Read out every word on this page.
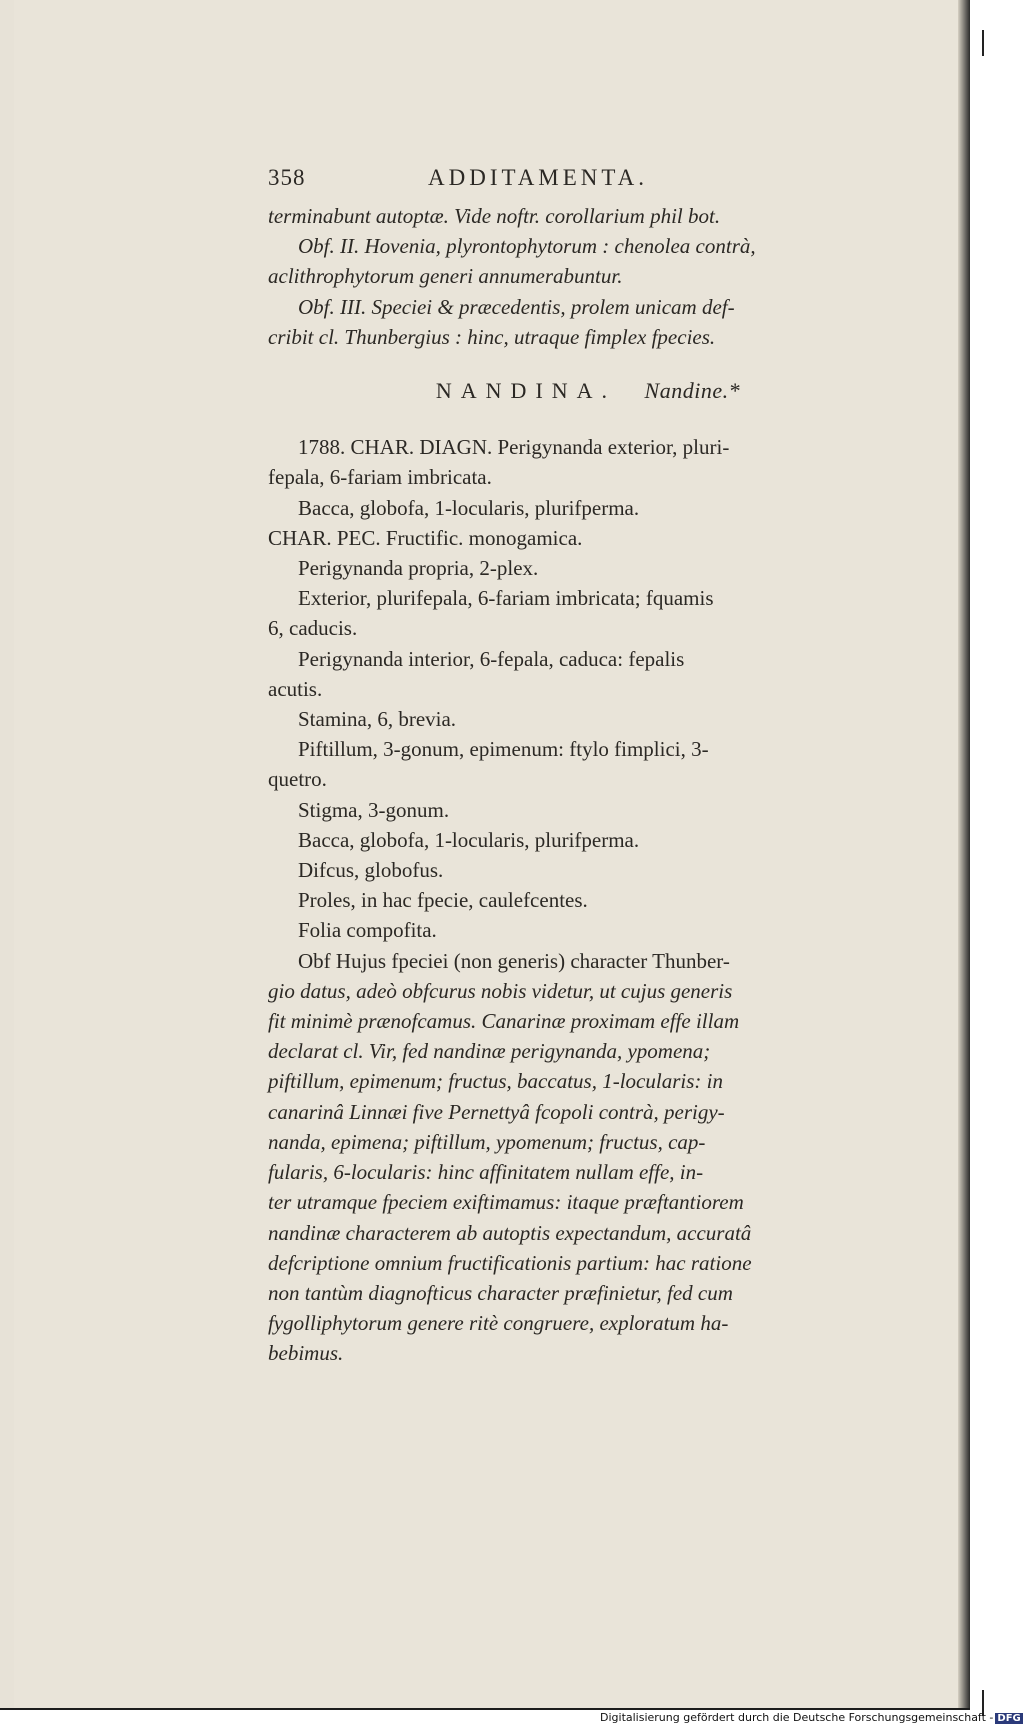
358	ADDITAMENTA.
terminabunt autoptæ. Vide noftr. corollarium phil bot.
Obf. II. Hovenia, plyrontophytorum : chenolea contrà,
aclithrophytorum generi annumerabuntur.
Obf. III. Speciei & præcedentis, prolem unicam def-
cribit cl. Thunbergius : hinc, utraque fimplex fpecies.
NANDINA. Nandine.*
1788. CHAR. DIAGN. Perigynanda exterior, pluri-
fepala, 6-fariam imbricata.
Bacca, globofa, 1-locularis, plurifperma.
CHAR. PEC. Fructific. monogamica.
Perigynanda propria, 2-plex.
Exterior, plurifepala, 6-fariam imbricata; fquamis
6, caducis.
Perigynanda interior, 6-fepala, caduca: fepalis
acutis.
Stamina, 6, brevia.
Piftillum, 3-gonum, epimenum: ftylo fimplici, 3-
quetro.
Stigma, 3-gonum.
Bacca, globofa, 1-locularis, plurifperma.
Difcus, globofus.
Proles, in hac fpecie, caulefcentes.
Folia compofita.
Obf Hujus fpeciei (non generis) character Thunber-
gio datus, adeò obfcurus nobis videtur, ut cujus generis
fit minimè prænofcamus. Canarinæ proximam effe illam
declarat cl. Vir, fed nandinæ perigynanda, ypomena;
piftillum, epimenum; fructus, baccatus, 1-locularis: in
canarinâ Linnæi five Pernettyâ fcopoli contrà, perigy-
nanda, epimena; piftillum, ypomenum; fructus, cap-
fularis, 6-locularis: hinc affinitatem nullam effe, in-
ter utramque fpeciem exiftimamus: itaque præftantiorem
nandinæ characterem ab autoptis expectandum, accuratâ
defcriptione omnium fructificationis partium: hac ratione
non tantùm diagnofticus character præfinietur, fed cum
fygolliphytorum genere ritè congruere, exploratum ha-
bebimus.
Digitalisierung gefördert durch die Deutsche Forschungsgemeinschaft - DFG
